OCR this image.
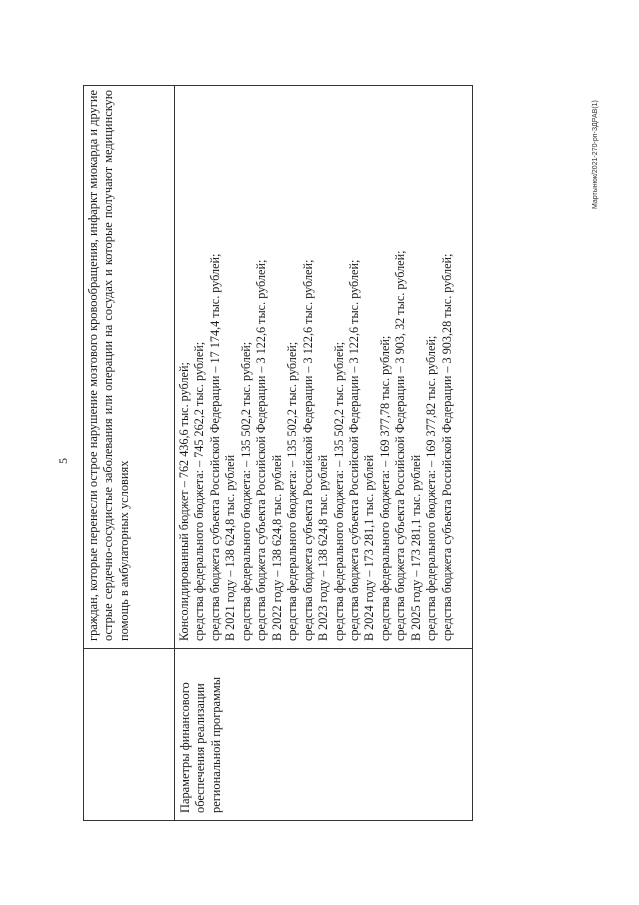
5 граждан, которые перенесли острое нарушение мозгового кровообращения, инфаркт миокарда и другие острые сердечно-сосудистые заболевания или операции на сосудах и которые получают медицинскую помощь в амбулаторных условиях
Параметры финансового обеспечения реализации региональной программы
Консолидированный бюджет – 762 436,6 тыс. рублей; средства федерального бюджета: – 745 262,2 тыс. рублей; средства бюджета субъекта Российской Федерации – 17 174,4 тыс. рублей; В 2021 году – 138 624,8 тыс. рублей средства федерального бюджета: – 135 502,2 тыс. рублей; средства бюджета субъекта Российской Федерации – 3 122,6 тыс. рублей; В 2022 году – 138 624,8 тыс. рублей средства федерального бюджета: – 135 502,2 тыс. рублей; средства бюджета субъекта Российской Федерации – 3 122,6 тыс. рублей; В 2023 году – 138 624,8 тыс. рублей средства федерального бюджета: – 135 502,2 тыс. рублей; средства бюджета субъекта Российской Федерации – 3 122,6 тыс. рублей; В 2024 году – 173 281,1 тыс. рублей средства федерального бюджета: – 169 377,78 тыс. рублей; средства бюджета субъекта Российской Федерации – 3 903, 32 тыс. рублей; В 2025 году – 173 281,1 тыс. рублей средства федерального бюджета: – 169 377,82 тыс. рублей; средства бюджета субъекта Российской Федерации – 3 903,28 тыс. рублей;
Мартынюк/2021-270-рп-ЗДРАВ(1)
